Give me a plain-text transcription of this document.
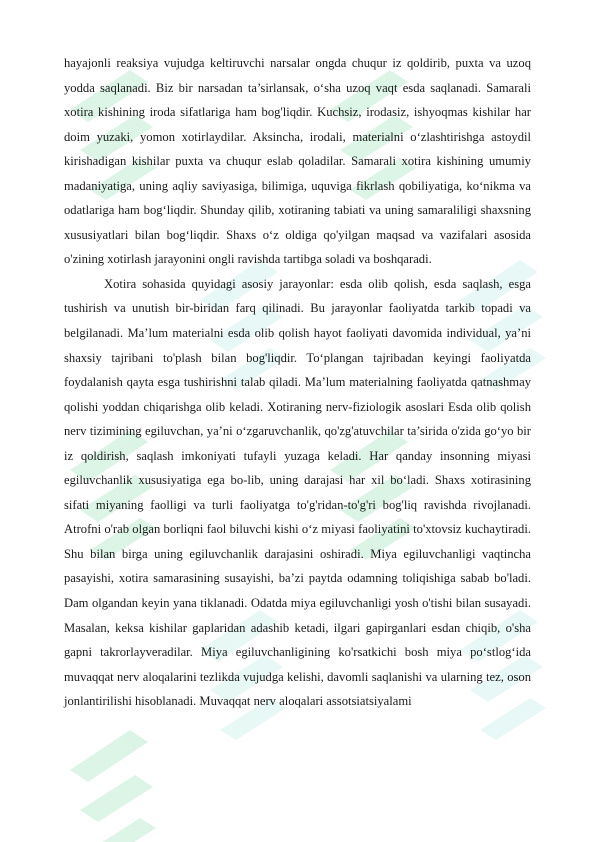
hayajonli reaksiya vujudga keltiruvchi narsalar ongda chuqur iz qoldirib, puxta va uzoq yodda saqlanadi. Biz bir narsadan ta’sirlansak, o‘sha uzoq vaqt esda saqlanadi. Samarali xotira kishining iroda sifatlariga ham bog'liqdir. Kuchsiz, irodasiz, ishyoqmas kishilar har doim yuzaki, yomon xotirlaydilar. Aksincha, irodali, materialni o‘zlashtirishga astoydil kirishadigan kishilar puxta va chuqur eslab qoladilar. Samarali xotira kishining umumiy madaniyatiga, uning aqliy saviyasiga, bilimiga, uquviga fikrlash qobiliyatiga, ko‘nikma va odatlariga ham bog‘liqdir. Shunday qilib, xotiraning tabiati va uning samaraliligi shaxsning xususiyatlari bilan bog‘liqdir. Shaxs o‘z oldiga qo'yilgan maqsad va vazifalari asosida o'zining xotirlash jarayonini ongli ravishda tartibga soladi va boshqaradi.

Xotira sohasida quyidagi asosiy jarayonlar: esda olib qolish, esda saqlash, esga tushirish va unutish bir-biridan farq qilinadi. Bu jarayonlar faoliyatda tarkib topadi va belgilanadi. Ma’lum materialni esda olib qolish hayot faoliyati davomida individual, ya’ni shaxsiy tajribani to'plash bilan bog'liqdir. To‘plangan tajribadan keyingi faoliyatda foydalanish qayta esga tushirishni talab qiladi. Ma’lum materialning faoliyatda qatnashmay qolishi yoddan chiqarishga olib keladi. Xotiraning nerv-fiziologik asoslari Esda olib qolish nerv tizimining egiluvchan, ya’ni o‘zgaruvchanlik, qo'zg'atuvchilar ta’sirida o'zida go‘yo bir iz qoldirish, saqlash imkoniyati tufayli yuzaga keladi. Har qanday insonning miyasi egiluvchanlik xususiyatiga ega bo-lib, uning darajasi har xil bo‘ladi. Shaxs xotirasining sifati miyaning faolligi va turli faoliyatga to'g'ridan-to'g'ri bog'liq ravishda rivojlanadi. Atrofni o'rab olgan borliqni faol biluvchi kishi o‘z miyasi faoliyatini to'xtovsiz kuchaytiradi. Shu bilan birga uning egiluvchanlik darajasini oshiradi. Miya egiluvchanligi vaqtincha pasayishi, xotira samarasining susayishi, ba’zi paytda odamning toliqishiga sabab bo'ladi. Dam olgandan keyin yana tiklanadi. Odatda miya egiluvchanligi yosh o'tishi bilan susayadi. Masalan, keksa kishilar gaplaridan adashib ketadi, ilgari gapirganlari esdan chiqib, o'sha gapni takrorlayveradilar. Miya egiluvchanligining ko'rsatkichi bosh miya po‘stlog‘ida muvaqqat nerv aloqalarini tezlikda vujudga kelishi, davomli saqlanishi va ularning tez, oson jonlantirilishi hisoblanadi. Muvaqqat nerv aloqalari assotsiatsiyalami
